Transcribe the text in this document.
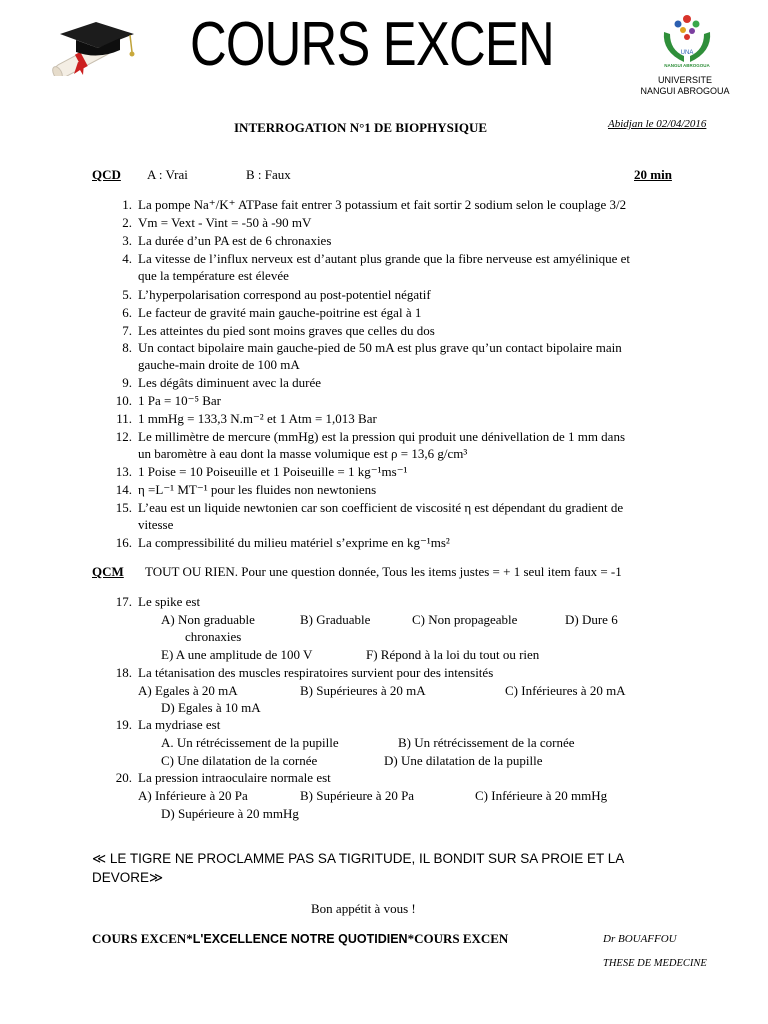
COURS EXCEN	UNA
NANGUI ABROGOUA
UNIVERSITE
NANGUI ABROGOUA
INTERROGATION N°1 DE BIOPHYSIQUE	Abidjan le 02/04/2016
QCD A : Vrai	B : Faux	20 min
1. La pompe Na⁺/K⁺ ATPase fait entrer 3 potassium et fait sortir 2 sodium selon le couplage 3/2
2. Vm = Vext - Vint = -50 à -90 mV
3. La durée d’un PA est de 6 chronaxies
4. La vitesse de l’influx nerveux est d’autant plus grande que la fibre nerveuse est amyélinique et
que la température est élevée
5. L’hyperpolarisation correspond au post-potentiel négatif
6. Le facteur de gravité main gauche-poitrine est égal à 1
7. Les atteintes du pied sont moins graves que celles du dos
8. Un contact bipolaire main gauche-pied de 50 mA est plus grave qu’un contact bipolaire main
gauche-main droite de 100 mA
9. Les dégâts diminuent avec la durée
10. 1 Pa = 10⁻⁵ Bar
11. 1 mmHg = 133,3 N.m⁻² et 1 Atm = 1,013 Bar
12. Le millimètre de mercure (mmHg) est la pression qui produit une dénivellation de 1 mm dans
un baromètre à eau dont la masse volumique est ρ = 13,6 g/cm³
13. 1 Poise = 10 Poiseuille et 1 Poiseuille = 1 kg⁻¹ms⁻¹
14. η =L⁻¹ MT⁻¹ pour les fluides non newtoniens
15. L’eau est un liquide newtonien car son coefficient de viscosité η est dépendant du gradient de
vitesse
16. La compressibilité du milieu matériel s’exprime en kg⁻¹ms²
QCM TOUT OU RIEN. Pour une question donnée, Tous les items justes = + 1 seul item faux = -1
17. Le spike est
A) Non graduable	B) Graduable	C) Non propageable	D) Dure 6
chronaxies
E) A une amplitude de 100 V	F) Répond à la loi du tout ou rien
18. La tétanisation des muscles respiratoires survient pour des intensités
A) Egales à 20 mA	B) Supérieures à 20 mA	C) Inférieures à 20 mA
D) Egales à 10 mA
19. La mydriase est
A. Un rétrécissement de la pupille	B) Un rétrécissement de la cornée
C) Une dilatation de la cornée	D) Une dilatation de la pupille
20. La pression intraoculaire normale est
A) Inférieure à 20 Pa	B) Supérieure à 20 Pa	C) Inférieure à 20 mmHg
D) Supérieure à 20 mmHg
≪ LE TIGRE NE PROCLAMME PAS SA TIGRITUDE, IL BONDIT SUR SA PROIE ET LA
DEVORE≫
Bon appétit à vous !
COURS EXCEN*L'EXCELLENCE NOTRE QUOTIDIEN*COURS EXCEN	Dr BOUAFFOU
THESE DE MEDECINE
